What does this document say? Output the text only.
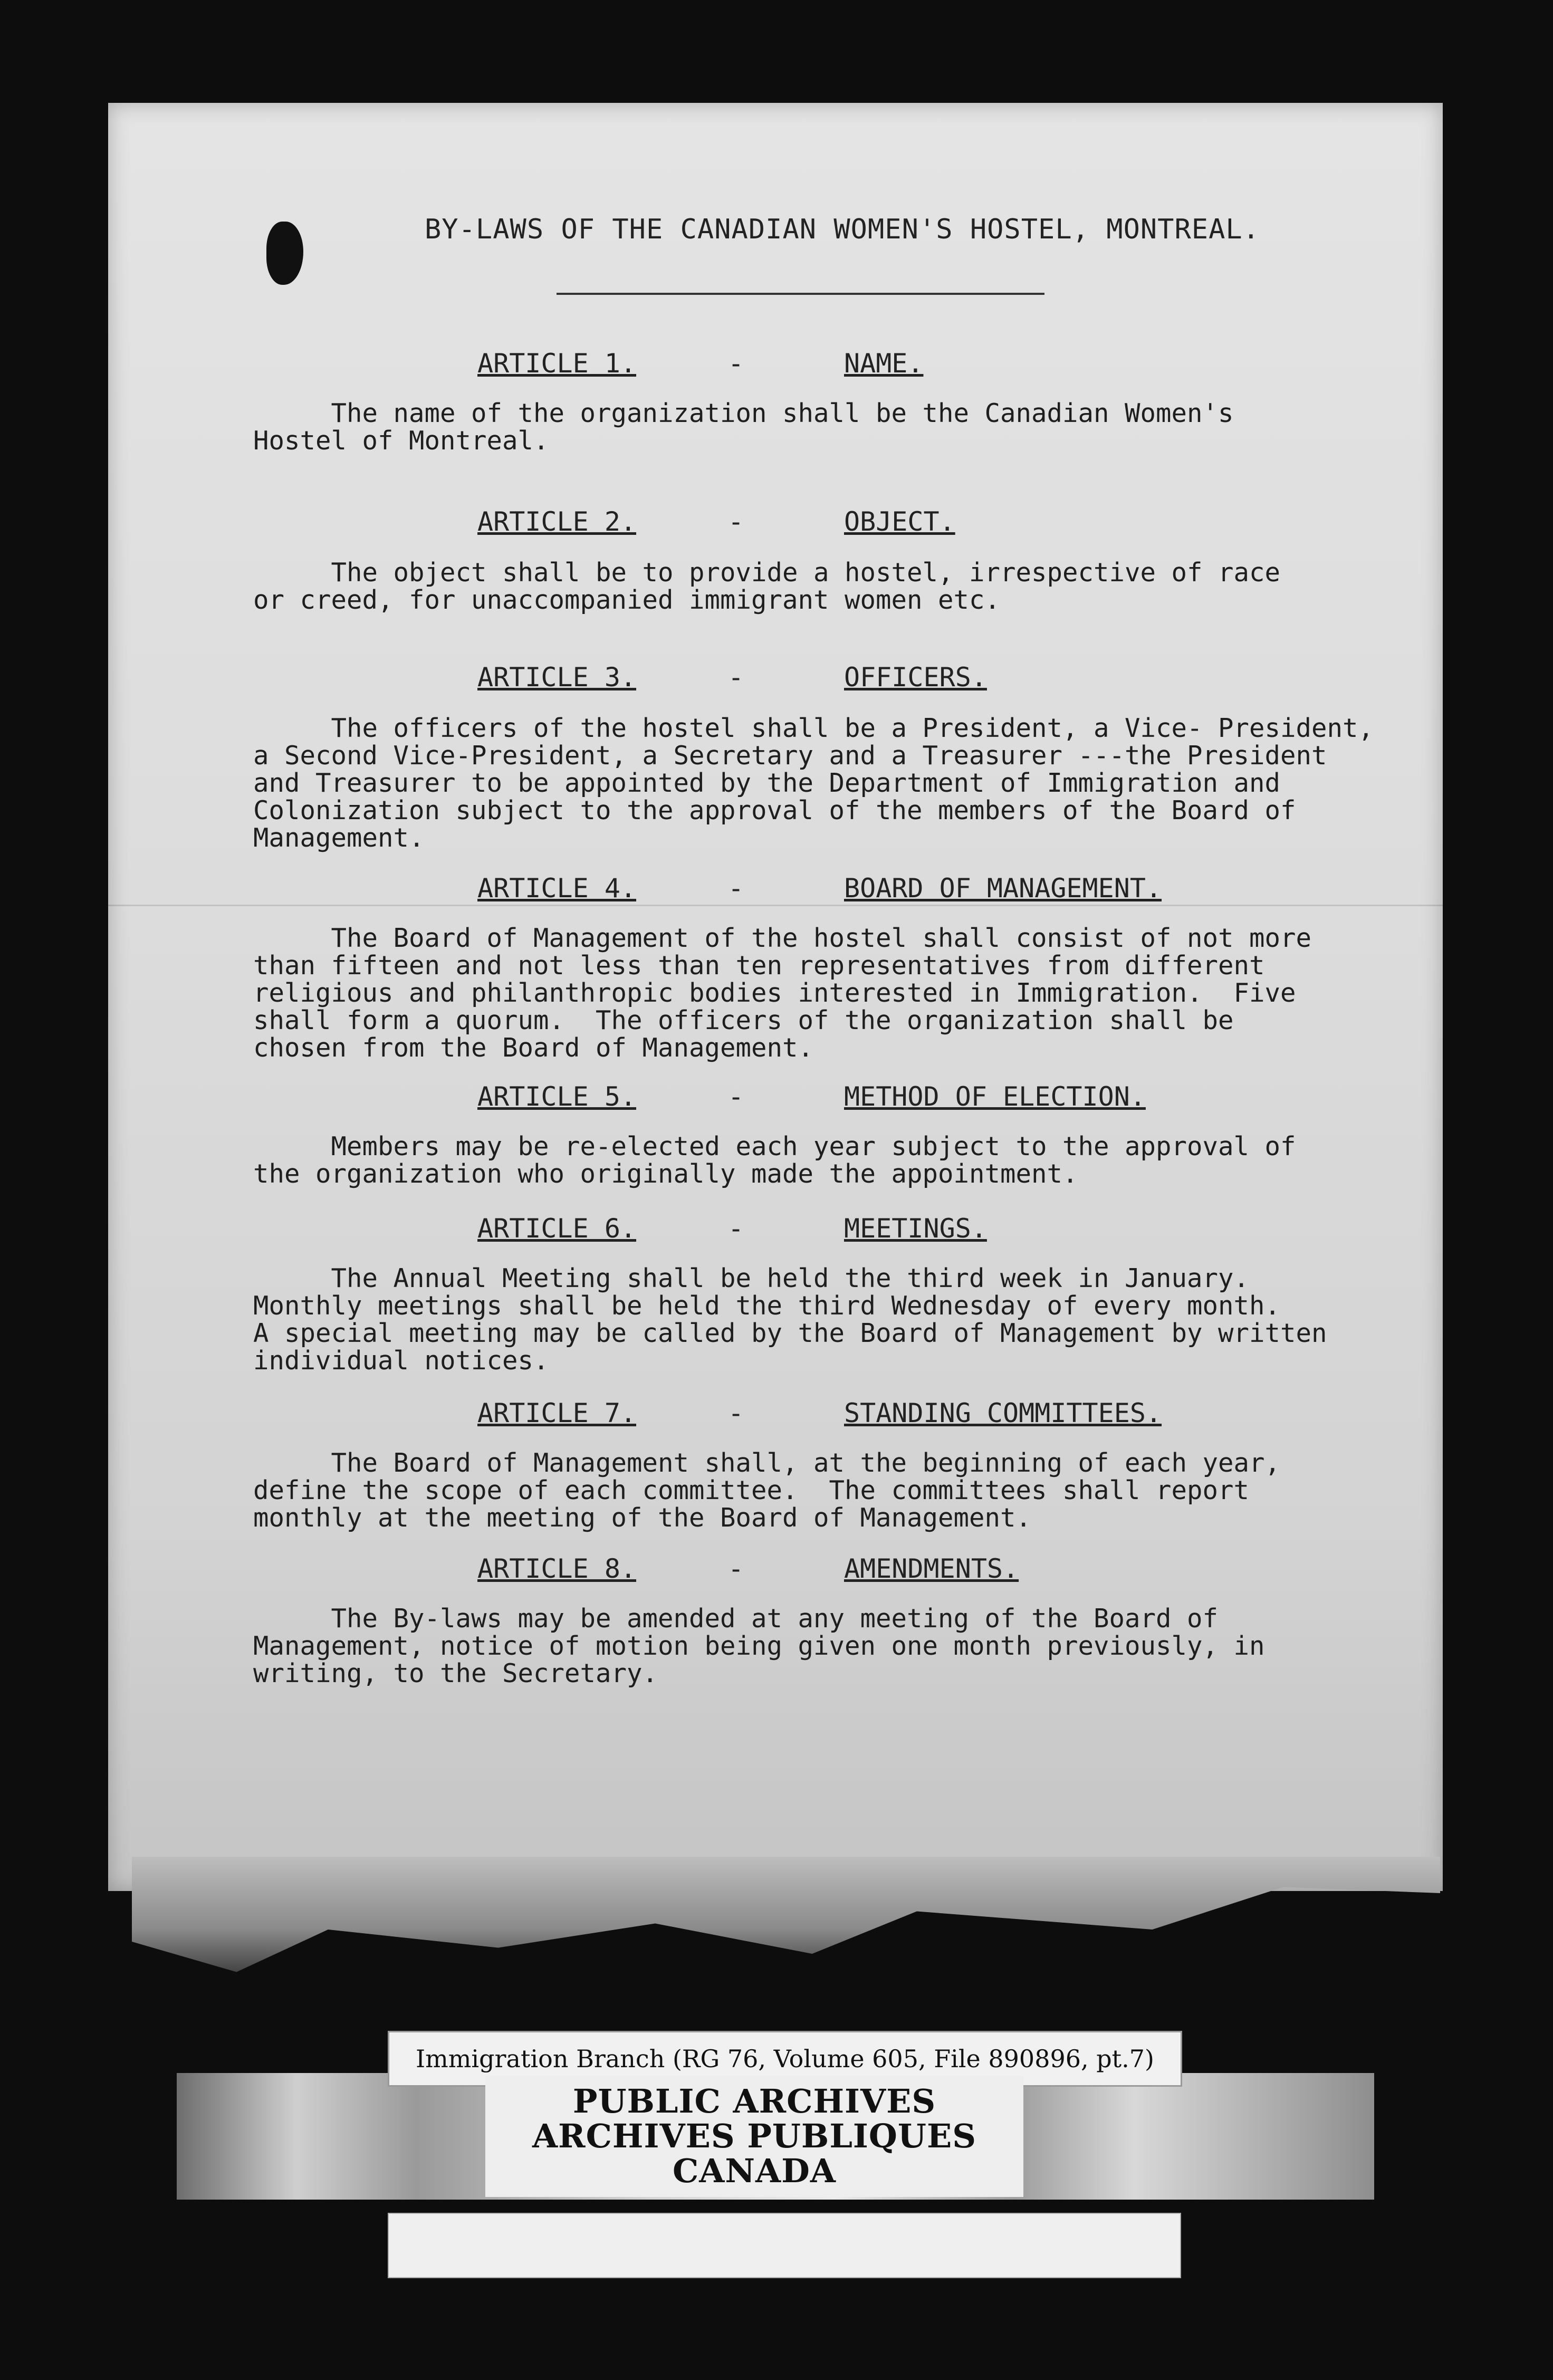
BY-LAWS OF THE CANADIAN WOMEN'S HOSTEL, MONTREAL.
ARTICLE 1.	-	NAME.
The name of the organization shall be the Canadian Women's
Hostel of Montreal.
ARTICLE 2.	-	OBJECT.
The object shall be to provide a hostel, irrespective of race
or creed, for unaccompanied immigrant women etc.
ARTICLE 3.	-	OFFICERS.
The officers of the hostel shall be a President, a Vice- President,
a Second Vice-President, a Secretary and a Treasurer ---the President
and Treasurer to be appointed by the Department of Immigration and
Colonization subject to the approval of the members of the Board of
Management.
ARTICLE 4.	-	BOARD OF MANAGEMENT.
The Board of Management of the hostel shall consist of not more
than fifteen and not less than ten representatives from different
religious and philanthropic bodies interested in Immigration.  Five
shall form a quorum.  The officers of the organization shall be
chosen from the Board of Management.
ARTICLE 5.	-	METHOD OF ELECTION.
Members may be re-elected each year subject to the approval of
the organization who originally made the appointment.
ARTICLE 6.	-	MEETINGS.
The Annual Meeting shall be held the third week in January.
Monthly meetings shall be held the third Wednesday of every month.
A special meeting may be called by the Board of Management by written
individual notices.
ARTICLE 7.	-	STANDING COMMITTEES.
The Board of Management shall, at the beginning of each year,
define the scope of each committee.  The committees shall report
monthly at the meeting of the Board of Management.
ARTICLE 8.	-	AMENDMENTS.
The By-laws may be amended at any meeting of the Board of
Management, notice of motion being given one month previously, in
writing, to the Secretary.
Immigration Branch (RG 76, Volume 605, File 890896, pt.7)
PUBLIC ARCHIVES
ARCHIVES PUBLIQUES
CANADA
